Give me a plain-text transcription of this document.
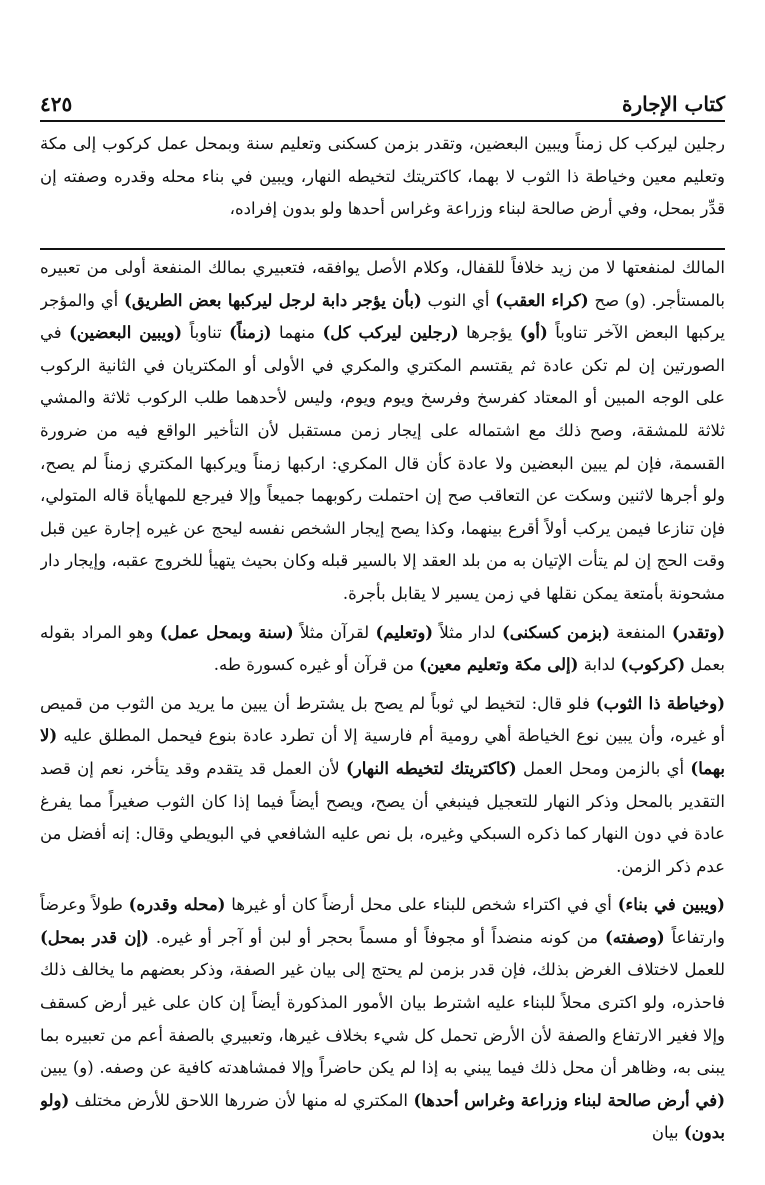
كتاب الإجارة
٤٢٥
رجلين ليركب كل زمناً ويبين البعضين، وتقدر بزمن كسكنى وتعليم سنة وبمحل عمل كركوب إلى مكة وتعليم معين وخياطة ذا الثوب لا بهما، كاكتريتك لتخيطه النهار، ويبين في بناء محله وقدره وصفته إن قدِّر بمحل، وفي أرض صالحة لبناء وزراعة وغراس أحدها ولو بدون إفراده،

المالك لمنفعتها لا من زيد خلافاً للقفال، وكلام الأصل يوافقه، فتعبيري بمالك المنفعة أولى من تعبيره بالمستأجر. (و) صح (كراء العقب) أي النوب (بأن يؤجر دابة لرجل ليركبها بعض الطريق) أي والمؤجر يركبها البعض الآخر تناوباً (أو) يؤجرها (رجلين ليركب كل) منهما (زمناً) تناوباً (ويبين البعضين) في الصورتين إن لم تكن عادة ثم يقتسم المكتري والمكري في الأولى أو المكتريان في الثانية الركوب على الوجه المبين أو المعتاد كفرسخ وفرسخ ويوم ويوم، وليس لأحدهما طلب الركوب ثلاثة والمشي ثلاثة للمشقة، وصح ذلك مع اشتماله على إيجار زمن مستقبل لأن التأخير الواقع فيه من ضرورة القسمة، فإن لم يبين البعضين ولا عادة كأن قال المكري: اركبها زمناً ويركبها المكتري زمناً لم يصح، ولو أجرها لاثنين وسكت عن التعاقب صح إن احتملت ركوبهما جميعاً وإلا فيرجع للمهايأة قاله المتولي، فإن تنازعا فيمن يركب أولاً أقرع بينهما، وكذا يصح إيجار الشخص نفسه ليحج عن غيره إجارة عين قبل وقت الحج إن لم يتأت الإتيان به من بلد العقد إلا بالسير قبله وكان بحيث يتهيأ للخروج عقبه، وإيجار دار مشحونة بأمتعة يمكن نقلها في زمن يسير لا يقابل بأجرة.

(وتقدر) المنفعة (بزمن كسكنى) لدار مثلاً (وتعليم) لقرآن مثلاً (سنة وبمحل عمل) وهو المراد بقوله بعمل (كركوب) لدابة (إلى مكة وتعليم معين) من قرآن أو غيره كسورة طه.

(وخياطة ذا الثوب) فلو قال: لتخيط لي ثوباً لم يصح بل يشترط أن يبين ما يريد من الثوب من قميص أو غيره، وأن يبين نوع الخياطة أهي رومية أم فارسية إلا أن تطرد عادة بنوع فيحمل المطلق عليه (لا بهما) أي بالزمن ومحل العمل (كاكتريتك لتخيطه النهار) لأن العمل قد يتقدم وقد يتأخر، نعم إن قصد التقدير بالمحل وذكر النهار للتعجيل فينبغي أن يصح، ويصح أيضاً فيما إذا كان الثوب صغيراً مما يفرغ عادة في دون النهار كما ذكره السبكي وغيره، بل نص عليه الشافعي في البويطي وقال: إنه أفضل من عدم ذكر الزمن.

(ويبين في بناء) أي في اكتراء شخص للبناء على محل أرضاً كان أو غيرها (محله وقدره) طولاً وعرضاً وارتفاعاً (وصفته) من كونه منضداً أو مجوفاً أو مسماً بحجر أو لبن أو آجر أو غيره. (إن قدر بمحل) للعمل لاختلاف الغرض بذلك، فإن قدر بزمن لم يحتج إلى بيان غير الصفة، وذكر بعضهم ما يخالف ذلك فاحذره، ولو اكترى محلاً للبناء عليه اشترط بيان الأمور المذكورة أيضاً إن كان على غير أرض كسقف وإلا فغير الارتفاع والصفة لأن الأرض تحمل كل شيء بخلاف غيرها، وتعبيري بالصفة أعم من تعبيره بما يبنى به، وظاهر أن محل ذلك فيما يبني به إذا لم يكن حاضراً وإلا فمشاهدته كافية عن وصفه. (و) يبين (في أرض صالحة لبناء وزراعة وغراس أحدها) المكتري له منها لأن ضررها اللاحق للأرض مختلف (ولو بدون) بيان
